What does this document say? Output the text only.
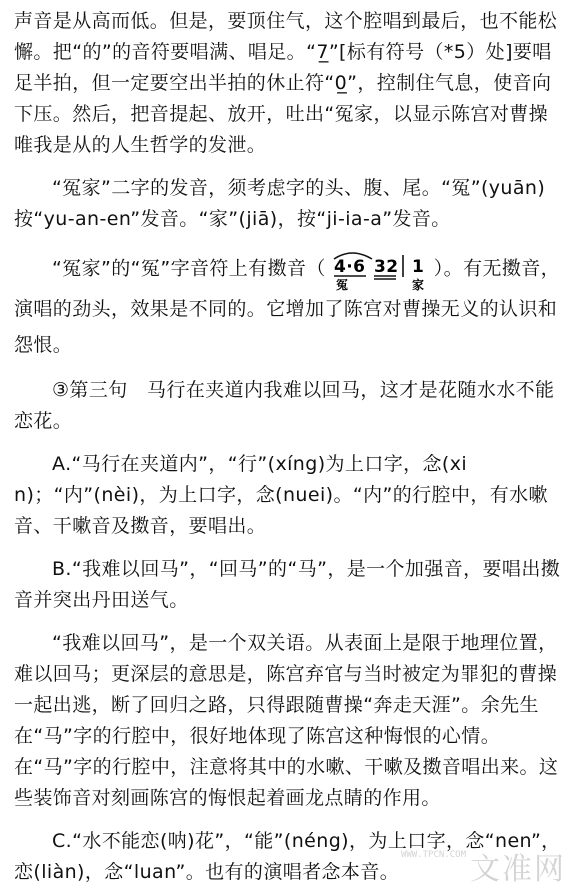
声音是从高而低。但是，要顶住气，这个腔唱到最后，也不能松懈。把“的”的音符要唱满、唱足。“7̲”[标有符号（*5）处]要唱足半拍，但一定要空出半拍的休止符“0̲”，控制住气息，使音向下压。然后，把音提起、放开，吐出“冤家，以显示陈宫对曹操唯我是从的人生哲学的发泄。

“冤家”二字的发音，须考虑字的头、腹、尾。“冤”(yuān)按“yu-an-en”发音。“家”(jiā)，按“ji-ia-a”发音。

“冤家”的“冤”字音符上有擞音（ 4·6 32 1
冤	家
）。有无擞音，演唱的劲头，效果是不同的。它增加了陈宫对曹操无义的认识和怨恨。

③第三句　马行在夹道内我难以回马，这才是花随水水不能恋花。

A.“马行在夹道内”，“行”(xíng)为上口字，念(xin)；“内”(nèi)，为上口字，念(nuei)。“内”的行腔中，有水嗽音、干嗽音及擞音，要唱出。

B.“我难以回马”，“回马”的“马”，是一个加强音，要唱出擞音并突出丹田送气。

“我难以回马”，是一个双关语。从表面上是限于地理位置，难以回马；更深层的意思是，陈宫弃官与当时被定为罪犯的曹操一起出逃，断了回归之路，只得跟随曹操“奔走天涯”。余先生在“马”字的行腔中，很好地体现了陈宫这种悔恨的心情。在“马”字的行腔中，注意将其中的水嗽、干嗽及擞音唱出来。这些装饰音对刻画陈宫的悔恨起着画龙点睛的作用。

C.“水不能恋(呐)花”，“能”(néng)，为上口字，念“nen”，恋(liàn)，念“luan”。也有的演唱者念本音。

WWW.TPCN.COM 文准网
